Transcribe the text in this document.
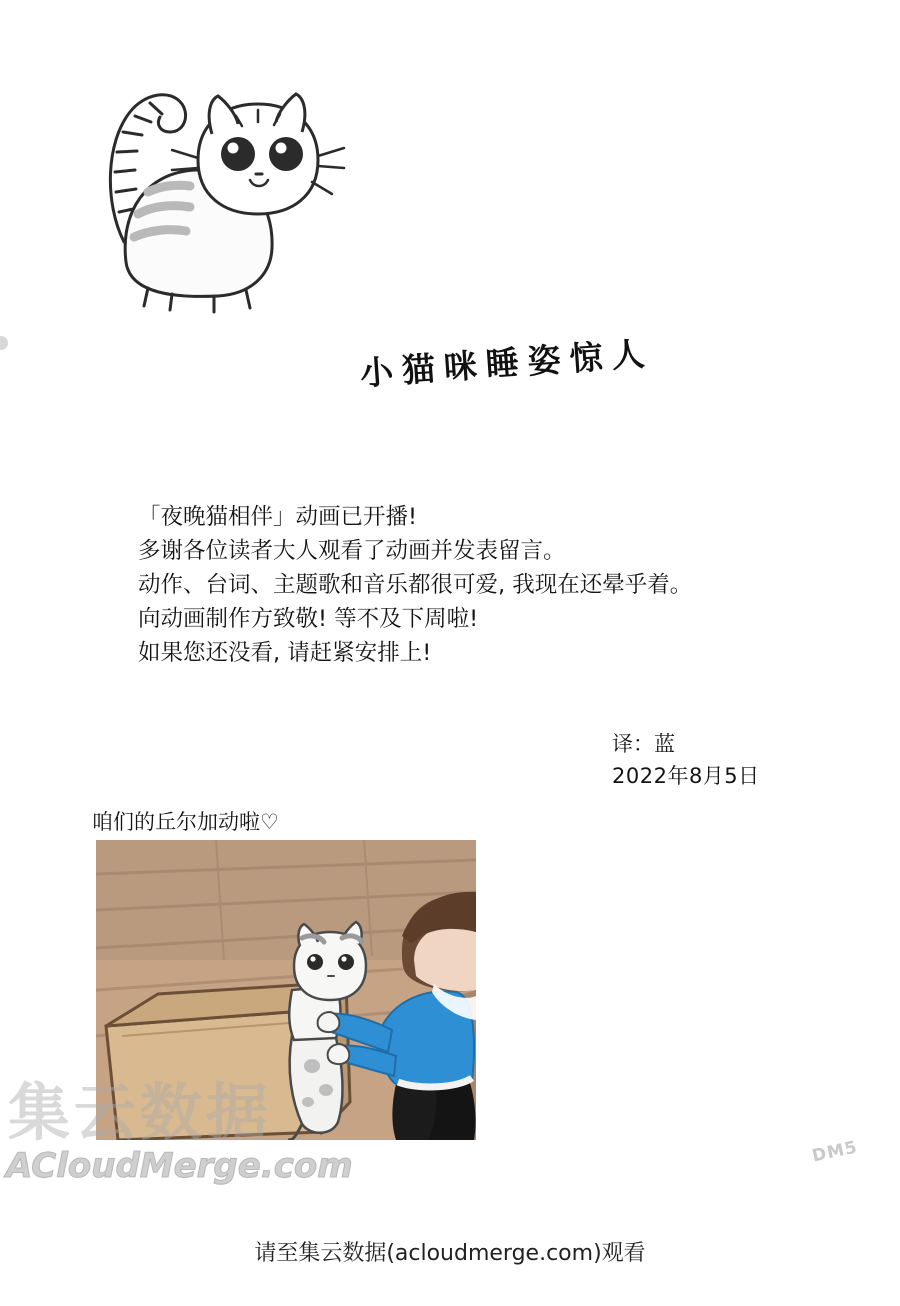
小猫咪睡姿惊人
「夜晚猫相伴」动画已开播!
多谢各位读者大人观看了动画并发表留言。
动作、台词、主题歌和音乐都很可爱, 我现在还晕乎着。
向动画制作方致敬! 等不及下周啦!
如果您还没看, 请赶紧安排上!
译：蓝
2022年8月5日
咱们的丘尔加动啦♡
集云数据
ACloudMerge.com	DM5
请至集云数据(acloudmerge.com)观看
